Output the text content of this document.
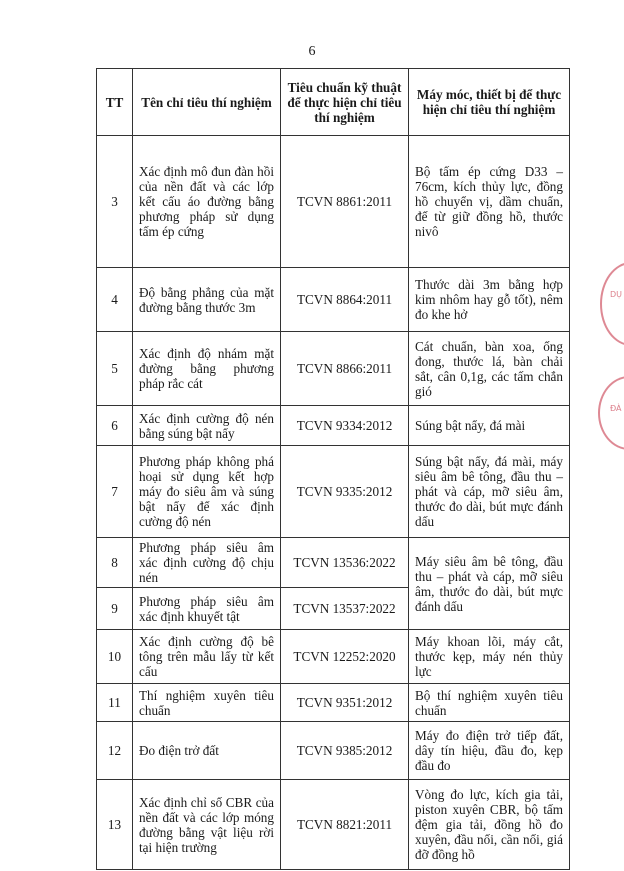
6
TT	Tên chỉ tiêu thí nghiệm	Tiêu chuẩn kỹ thuật để thực hiện chỉ tiêu thí nghiệm	Máy móc, thiết bị để thực hiện chỉ tiêu thí nghiệm
3	Xác định mô đun đàn hồi của nền đất và các lớp kết cấu áo đường bằng phương pháp sử dụng tấm ép cứng	TCVN 8861:2011	Bộ tấm ép cứng D33 – 76cm, kích thủy lực, đồng hồ chuyển vị, dầm chuẩn, đế từ giữ đồng hồ, thước nivô
4	Độ bằng phẳng của mặt đường bằng thước 3m	TCVN 8864:2011	Thước dài 3m bằng hợp kim nhôm hay gỗ tốt), nêm đo khe hở
5	Xác định độ nhám mặt đường bằng phương pháp rắc cát	TCVN 8866:2011	Cát chuẩn, bàn xoa, ống đong, thước lá, bàn chải sắt, cân 0,1g, các tấm chắn gió
6	Xác định cường độ nén bằng súng bật nẩy	TCVN 9334:2012	Súng bật nẩy, đá mài
7	Phương pháp không phá hoại sử dụng kết hợp máy đo siêu âm và súng bật nẩy để xác định cường độ nén	TCVN 9335:2012	Súng bật nẩy, đá mài, máy siêu âm bê tông, đầu thu – phát và cáp, mỡ siêu âm, thước đo dài, bút mực đánh dấu
8	Phương pháp siêu âm xác định cường độ chịu nén	TCVN 13536:2022	Máy siêu âm bê tông, đầu thu – phát và cáp, mỡ siêu âm, thước đo dài, bút mực đánh dấu
9	Phương pháp siêu âm xác định khuyết tật	TCVN 13537:2022	
10	Xác định cường độ bê tông trên mẫu lấy từ kết cấu	TCVN 12252:2020	Máy khoan lõi, máy cắt, thước kẹp, máy nén thủy lực
11	Thí nghiệm xuyên tiêu chuẩn	TCVN 9351:2012	Bộ thí nghiệm xuyên tiêu chuẩn
12	Đo điện trở đất	TCVN 9385:2012	Máy đo điện trở tiếp đất, dây tín hiệu, đầu đo, kẹp đầu đo
13	Xác định chỉ số CBR của nền đất và các lớp móng đường bằng vật liệu rời tại hiện trường	TCVN 8821:2011	Vòng đo lực, kích gia tải, piston xuyên CBR, bộ tấm đệm gia tải, đồng hồ đo xuyên, đầu nối, cần nối, giá đỡ đồng hồ
DỤ
ĐÀ
